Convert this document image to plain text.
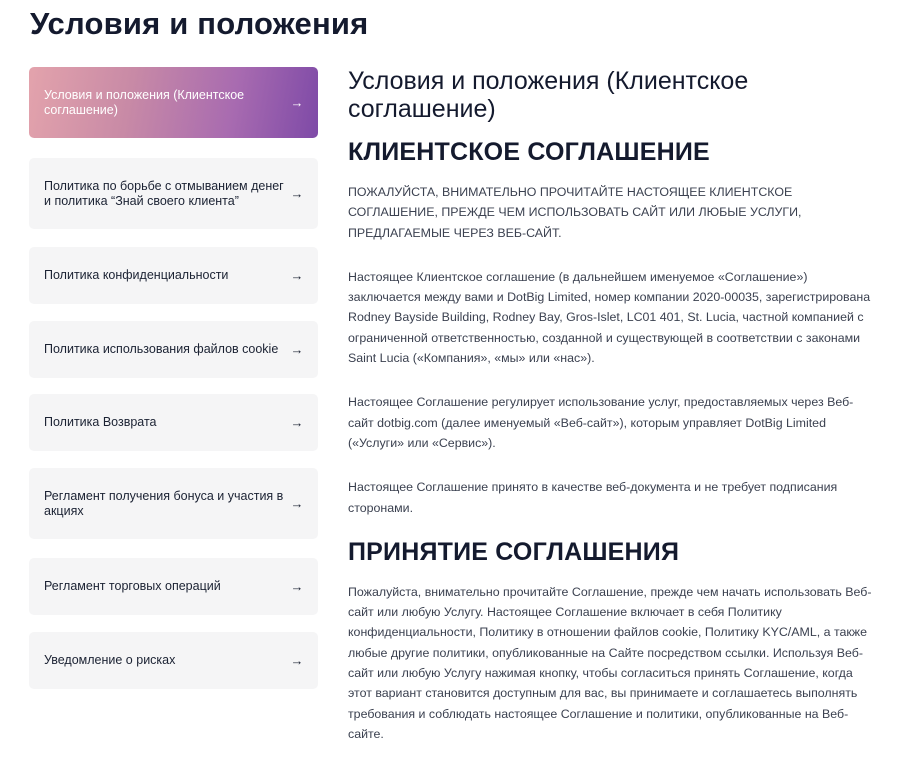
Условия и положения
Условия и положения (Клиентское соглашение)	→
Политика по борьбе с отмыванием денег и политика “Знай своего клиента”	→
Политика конфиденциальности	→
Политика использования файлов cookie →
Политика Возврата	→
Регламент получения бонуса и участия в акциях	→
Регламент торговых операций	→
Уведомление о рисках	→
Условия и положения (Клиентское соглашение)
КЛИЕНТСКОЕ СОГЛАШЕНИЕ

ПОЖАЛУЙСТА, ВНИМАТЕЛЬНО ПРОЧИТАЙТЕ НАСТОЯЩЕЕ КЛИЕНТСКОЕ СОГЛАШЕНИЕ, ПРЕЖДЕ ЧЕМ ИСПОЛЬЗОВАТЬ САЙТ ИЛИ ЛЮБЫЕ УСЛУГИ, ПРЕДЛАГАЕМЫЕ ЧЕРЕЗ ВЕБ-САЙТ.

Настоящее Клиентское соглашение (в дальнейшем именуемое «Соглашение») заключается между вами и DotBig Limited, номер компании 2020-00035, зарегистрирована Rodney Bayside Building, Rodney Bay, Gros-Islet, LC01 401, St. Lucia, частной компанией с ограниченной ответственностью, созданной и существующей в соответствии с законами Saint Lucia («Компания», «мы» или «нас»).

Настоящее Соглашение регулирует использование услуг, предоставляемых через Веб-сайт dotbig.com (далее именуемый «Веб-сайт»), которым управляет DotBig Limited («Услуги» или «Сервис»).

Настоящее Соглашение принято в качестве веб-документа и не требует подписания сторонами.

ПРИНЯТИЕ СОГЛАШЕНИЯ

Пожалуйста, внимательно прочитайте Соглашение, прежде чем начать использовать Веб-сайт или любую Услугу. Настоящее Соглашение включает в себя Политику конфиденциальности, Политику в отношении файлов cookie, Политику KYC/AML, а также любые другие политики, опубликованные на Сайте посредством ссылки. Используя Веб-сайт или любую Услугу нажимая кнопку, чтобы согласиться принять Соглашение, когда этот вариант становится доступным для вас, вы принимаете и соглашаетесь выполнять требования и соблюдать настоящее Соглашение и политики, опубликованные на Веб-сайте.
